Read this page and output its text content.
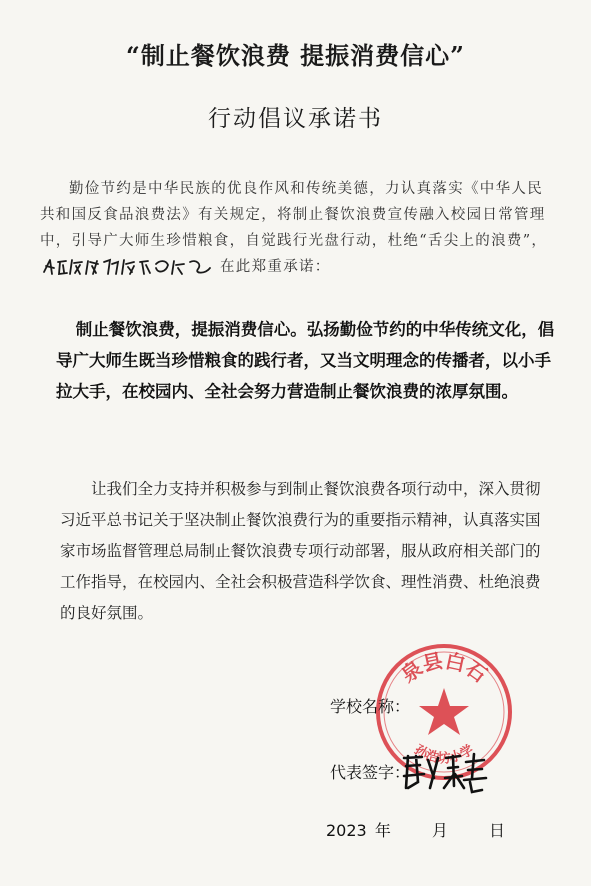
“制止餐饮浪费 提振消费信心”
行动倡议承诺书
勤俭节约是中华民族的优良作风和传统美德，力认真落实《中华人民共和国反食品浪费法》有关规定，将制止餐饮浪费宣传融入校园日常管理中，引导广大师生珍惜粮食，自觉践行光盘行动，杜绝“舌尖上的浪费”，在此郑重承诺：
制止餐饮浪费，提振消费信心。弘扬勤俭节约的中华传统文化，倡导广大师生既当珍惜粮食的践行者，又当文明理念的传播者，以小手拉大手，在校园内、全社会努力营造制止餐饮浪费的浓厚氛围。
让我们全力支持并积极参与到制止餐饮浪费各项行动中，深入贯彻习近平总书记关于坚决制止餐饮浪费行为的重要指示精神，认真落实国家市场监督管理总局制止餐饮浪费专项行动部署，服从政府相关部门的工作指导，在校园内、全社会积极营造科学饮食、理性消费、杜绝浪费的良好氛围。
泉县白石
孙浩坊小学
学校名称：
代表签字：
2023 年	月	日
